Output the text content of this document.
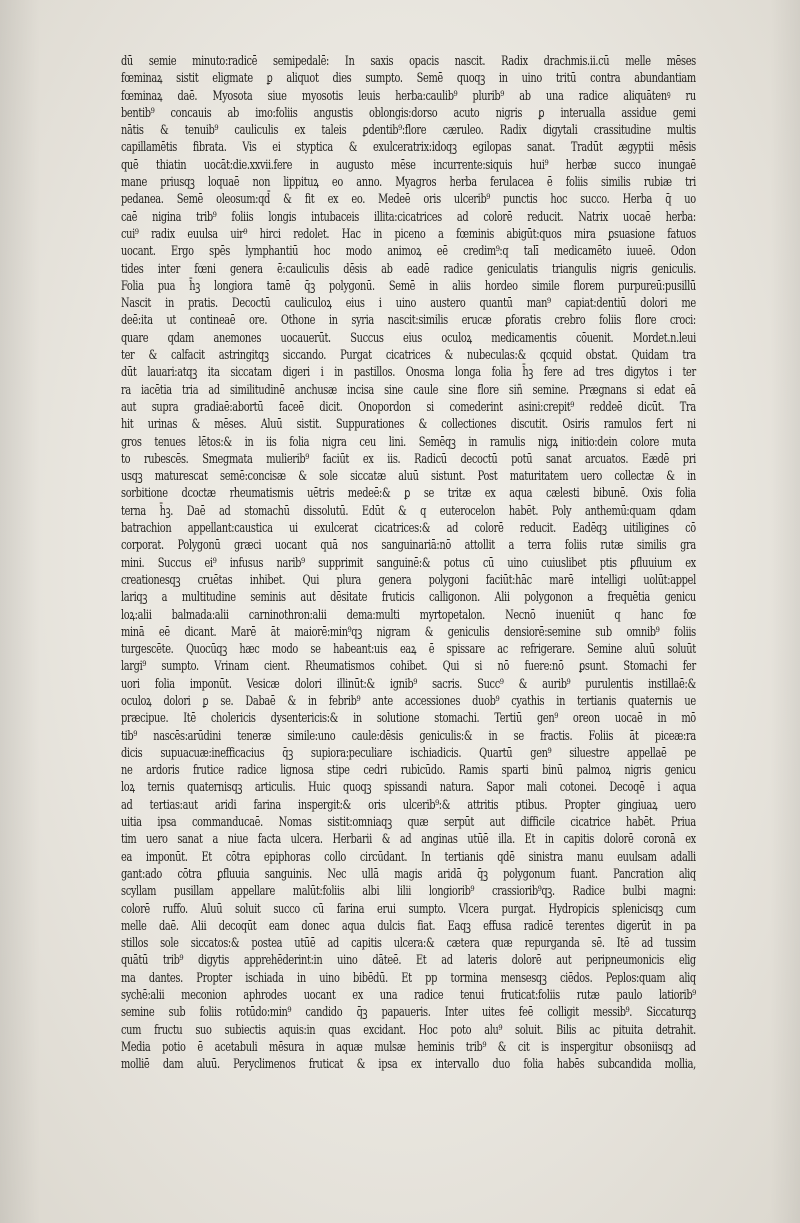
dū semie minuto:radicē semipedalē: In saxis opacis nascit. Radix drachmis.ii.cū melle mēses
fœminaꝝ sistit eligmate ꝑ aliquot dies sumpto. Semē quoqꝫ in uino tritū contra abundantiam
fœminaꝝ daē. Myosota siue myosotis leuis herba:caulib⁹ plurib⁹ ab una radice aliquātenꝰ ru
bentib⁹ concauis ab imo:foliis angustis oblongis:dorso acuto nigris ꝑ interualla assidue gemi
nātis & tenuib⁹ cauliculis ex taleis ꝑdentib⁹:flore cæruleo. Radix digytali crassitudine multis
capillamētis fibrata. Vis ei styptica & exulceratrix:idoqꝫ egilopas sanat. Tradūt ægyptii mēsis
quē thiatin uocāt:die.xxvii.fere in augusto mēse incurrente:siquis hui⁹ herbæ succo inungaē
mane priusqꝫ loquaē non lippituꝝ eo anno. Myagros herba ferulacea ē foliis similis rubiæ tri
pedanea. Semē oleosum:qd̄ & fit ex eo. Medeē oris ulcerib⁹ punctis hoc succo. Herba q̄ uo
caē nigina trib⁹ foliis longis intubaceis illita:cicatrices ad colorē reducit. Natrix uocaē herba:
cui⁹ radix euulsa uir⁹ hirci redolet. Hac in piceno a fœminis abigūt:quos mira ꝑsuasione fatuos
uocant. Ergo spēs lymphantiū hoc modo animoꝝ eē credim⁹:q talī medicamēto iuueē. Odon
tides inter fœni genera ē:cauliculis dēsis ab eadē radice geniculatis triangulis nigris geniculis.
Folia pua h̄ꝫ longiora tamē q̄ꝫ polygonū. Semē in aliis hordeo simile florem purpureū:pusillū
Nascit in pratis. Decoctū cauliculoꝝ eius i uino austero quantū man⁹ capiat:dentiū dolori me
deē:ita ut contineaē ore. Othone in syria nascit:similis erucæ ꝑforatis crebro foliis flore croci:
quare qdam anemones uocauerūt. Succus eius oculoꝝ medicamentis cōuenit. Mordet.n.leui
ter & calfacit astringitqꝫ siccando. Purgat cicatrices & nubeculas:& qcquid obstat. Quidam tra
dūt lauari:atqꝫ ita siccatam digeri i in pastillos. Onosma longa folia h̄ꝫ fere ad tres digytos i ter
ra iacētia tria ad similitudinē anchusæ incisa sine caule sine flore siñ semine. Prægnans si edat eā
aut supra gradiaē:abortū faceē dicit. Onopordon si comederint asini:crepit⁹ reddeē dicūt. Tra
hit urinas & mēses. Aluū sistit. Suppurationes & collectiones discutit. Osiris ramulos fert ni
gros tenues lētos:& in iis folia nigra ceu lini. Semēqꝫ in ramulis nigꝝ initio:dein colore muta
to rubescēs. Smegmata mulierib⁹ faciūt ex iis. Radicū decoctū potū sanat arcuatos. Eædē pri
usqꝫ maturescat semē:concisæ & sole siccatæ aluū sistunt. Post maturitatem uero collectæ & in
sorbitione dcoctæ rheumatismis uētris medeē:& ꝑ se tritæ ex aqua cælesti bibunē. Oxis folia
terna h̄ꝫ. Daē ad stomachū dissolutū. Edūt & q euterocelon habēt. Poly anthemū:quam qdam
batrachion appellant:caustica ui exulcerat cicatrices:& ad colorē reducit. Eadēqꝫ uitiligines cō
corporat. Polygonū græci uocant quā nos sanguinariā:nō attollit a terra foliis rutæ similis gra
mini. Succus ei⁹ infusus narib⁹ supprimit sanguinē:& potus cū uino cuiuslibet ptis ꝑfluuium ex
creationesqꝫ cruētas inhibet. Qui plura genera polygoni faciūt:hāc marē intelligi uolūt:appel
lariqꝫ a multitudine seminis aut dēsitate fruticis calligonon. Alii polygonon a frequētia genicu
loꝝ:alii balmada:alii carninothron:alii dema:multi myrtopetalon. Necnō inueniūt q hanc fœ
minā eē dicant. Marē āt maiorē:min⁹qꝫ nigram & geniculis densiorē:semine sub omnib⁹ foliis
turgescēte. Quocūqꝫ hæc modo se habeant:uis eaꝝ ē spissare ac refrigerare. Semine aluū soluūt
largi⁹ sumpto. Vrinam cient. Rheumatismos cohibet. Qui si nō fuere:nō ꝑsunt. Stomachi fer
uori folia imponūt. Vesicæ dolori illinūt:& ignib⁹ sacris. Succ⁹ & aurib⁹ purulentis instillaē:&
oculoꝝ dolori ꝑ se. Dabaē & in febrib⁹ ante accessiones duob⁹ cyathis in tertianis quaternis ue
præcipue. Itē cholericis dysentericis:& in solutione stomachi. Tertiū gen⁹ oreon uocaē in mō
tib⁹ nascēs:arūdini teneræ simile:uno caule:dēsis geniculis:& in se fractis. Foliis āt piceæ:ra
dicis supuacuæ:inefficacius q̄ꝫ supiora:peculiare ischiadicis. Quartū gen⁹ siluestre appellaē pe
ne ardoris frutice radice lignosa stipe cedri rubicūdo. Ramis sparti binū palmoꝝ nigris genicu
loꝝ ternis quaternisqꝫ articulis. Huic quoqꝫ spissandi natura. Sapor mali cotonei. Decoqē i aqua
ad tertias:aut aridi farina inspergit:& oris ulcerib⁹:& attritis ptibus. Propter gingiuaꝝ uero
uitia ipsa commanducaē. Nomas sistit:omniaqꝫ quæ serpūt aut difficile cicatrice habēt. Priua
tim uero sanat a niue facta ulcera. Herbarii & ad anginas utūē illa. Et in capitis dolorē coronā ex
ea imponūt. Et cōtra epiphoras collo circūdant. In tertianis qdē sinistra manu euulsam adalli
gant:ado cōtra ꝑfluuia sanguinis. Nec ullā magis aridā q̄ꝫ polygonum fuant. Pancration aliq
scyllam pusillam appellare malūt:foliis albi lilii longiorib⁹ crassiorib⁹qꝫ. Radice bulbi magni:
colorē ruffo. Aluū soluit succo cū farina erui sumpto. Vlcera purgat. Hydropicis splenicisqꝫ cum
melle daē. Alii decoqūt eam donec aqua dulcis fiat. Eaqꝫ effusa radicē terentes digerūt in pa
stillos sole siccatos:& postea utūē ad capitis ulcera:& cætera quæ repurganda sē. Itē ad tussim
quātū trib⁹ digytis apprehēderint:in uino dāteē. Et ad lateris dolorē aut peripneumonicis elig
ma dantes. Propter ischiada in uino bibēdū. Et pp tormina mensesqꝫ ciēdos. Peplos:quam aliq
sychē:alii meconion aphrodes uocant ex una radice tenui fruticat:foliis rutæ paulo latiorib⁹
semine sub foliis rotūdo:min⁹ candido q̄ꝫ papaueris. Inter uites feē colligit messib⁹. Siccaturqꝫ
cum fructu suo subiectis aquis:in quas excidant. Hoc poto alu⁹ soluit. Bilis ac pituita detrahit.
Media potio ē acetabuli mēsura in aquæ mulsæ heminis trib⁹ & cit is inspergitur obsoniisqꝫ ad
molliē dam aluū. Peryclimenos fruticat & ipsa ex intervallo duo folia habēs subcandida mollia,
